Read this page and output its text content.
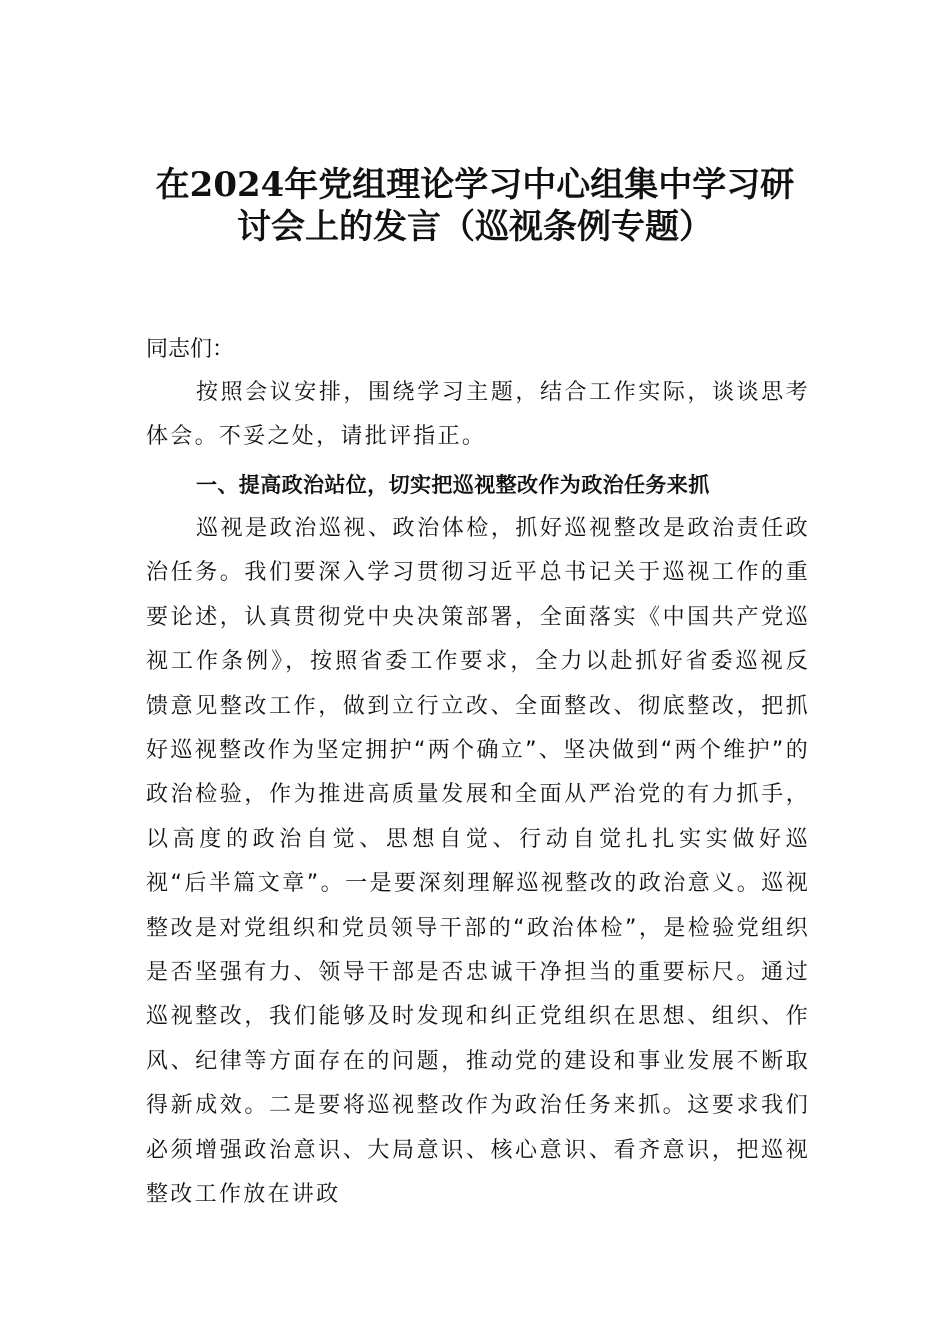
在2024年党组理论学习中心组集中学习研
讨会上的发言（巡视条例专题）
同志们：

按照会议安排，围绕学习主题，结合工作实际，谈谈思考体会。不妥之处，请批评指正。

一、提高政治站位，切实把巡视整改作为政治任务来抓

巡视是政治巡视、政治体检，抓好巡视整改是政治责任政治任务。我们要深入学习贯彻习近平总书记关于巡视工作的重要论述，认真贯彻党中央决策部署，全面落实《中国共产党巡视工作条例》，按照省委工作要求，全力以赴抓好省委巡视反馈意见整改工作，做到立行立改、全面整改、彻底整改，把抓好巡视整改作为坚定拥护“两个确立”、坚决做到“两个维护”的政治检验，作为推进高质量发展和全面从严治党的有力抓手，以高度的政治自觉、思想自觉、行动自觉扎扎实实做好巡视“后半篇文章”。一是要深刻理解巡视整改的政治意义。巡视整改是对党组织和党员领导干部的“政治体检”，是检验党组织是否坚强有力、领导干部是否忠诚干净担当的重要标尺。通过巡视整改，我们能够及时发现和纠正党组织在思想、组织、作风、纪律等方面存在的问题，推动党的建设和事业发展不断取得新成效。二是要将巡视整改作为政治任务来抓。这要求我们必须增强政治意识、大局意识、核心意识、看齐意识，把巡视整改工作放在讲政
